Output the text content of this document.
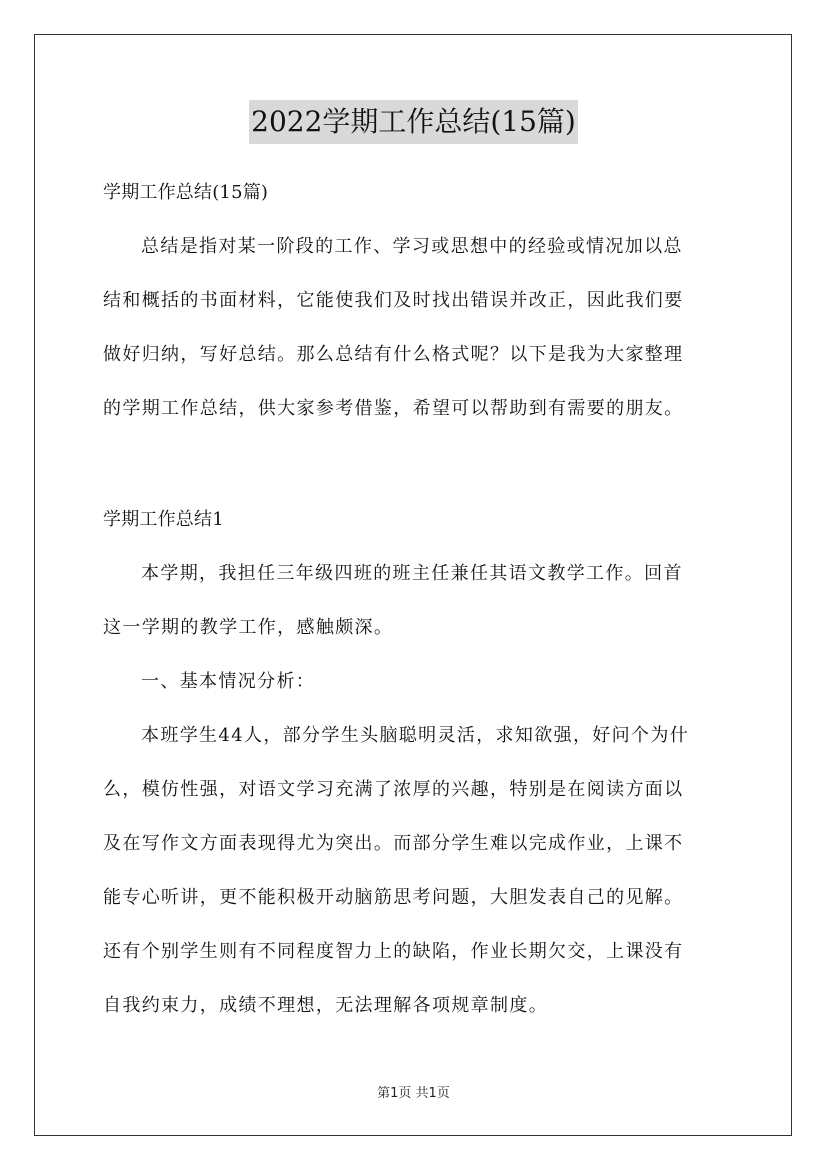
2022学期工作总结(15篇)
学期工作总结(15篇)
总结是指对某一阶段的工作、学习或思想中的经验或情况加以总
结和概括的书面材料，它能使我们及时找出错误并改正，因此我们要
做好归纳，写好总结。那么总结有什么格式呢？以下是我为大家整理
的学期工作总结，供大家参考借鉴，希望可以帮助到有需要的朋友。
学期工作总结1
本学期，我担任三年级四班的班主任兼任其语文教学工作。回首
这一学期的教学工作，感触颇深。
一、基本情况分析：
本班学生44人，部分学生头脑聪明灵活，求知欲强，好问个为什
么，模仿性强，对语文学习充满了浓厚的兴趣，特别是在阅读方面以
及在写作文方面表现得尤为突出。而部分学生难以完成作业，上课不
能专心听讲，更不能积极开动脑筋思考问题，大胆发表自己的见解。
还有个别学生则有不同程度智力上的缺陷，作业长期欠交，上课没有
自我约束力，成绩不理想，无法理解各项规章制度。
第1页 共1页
